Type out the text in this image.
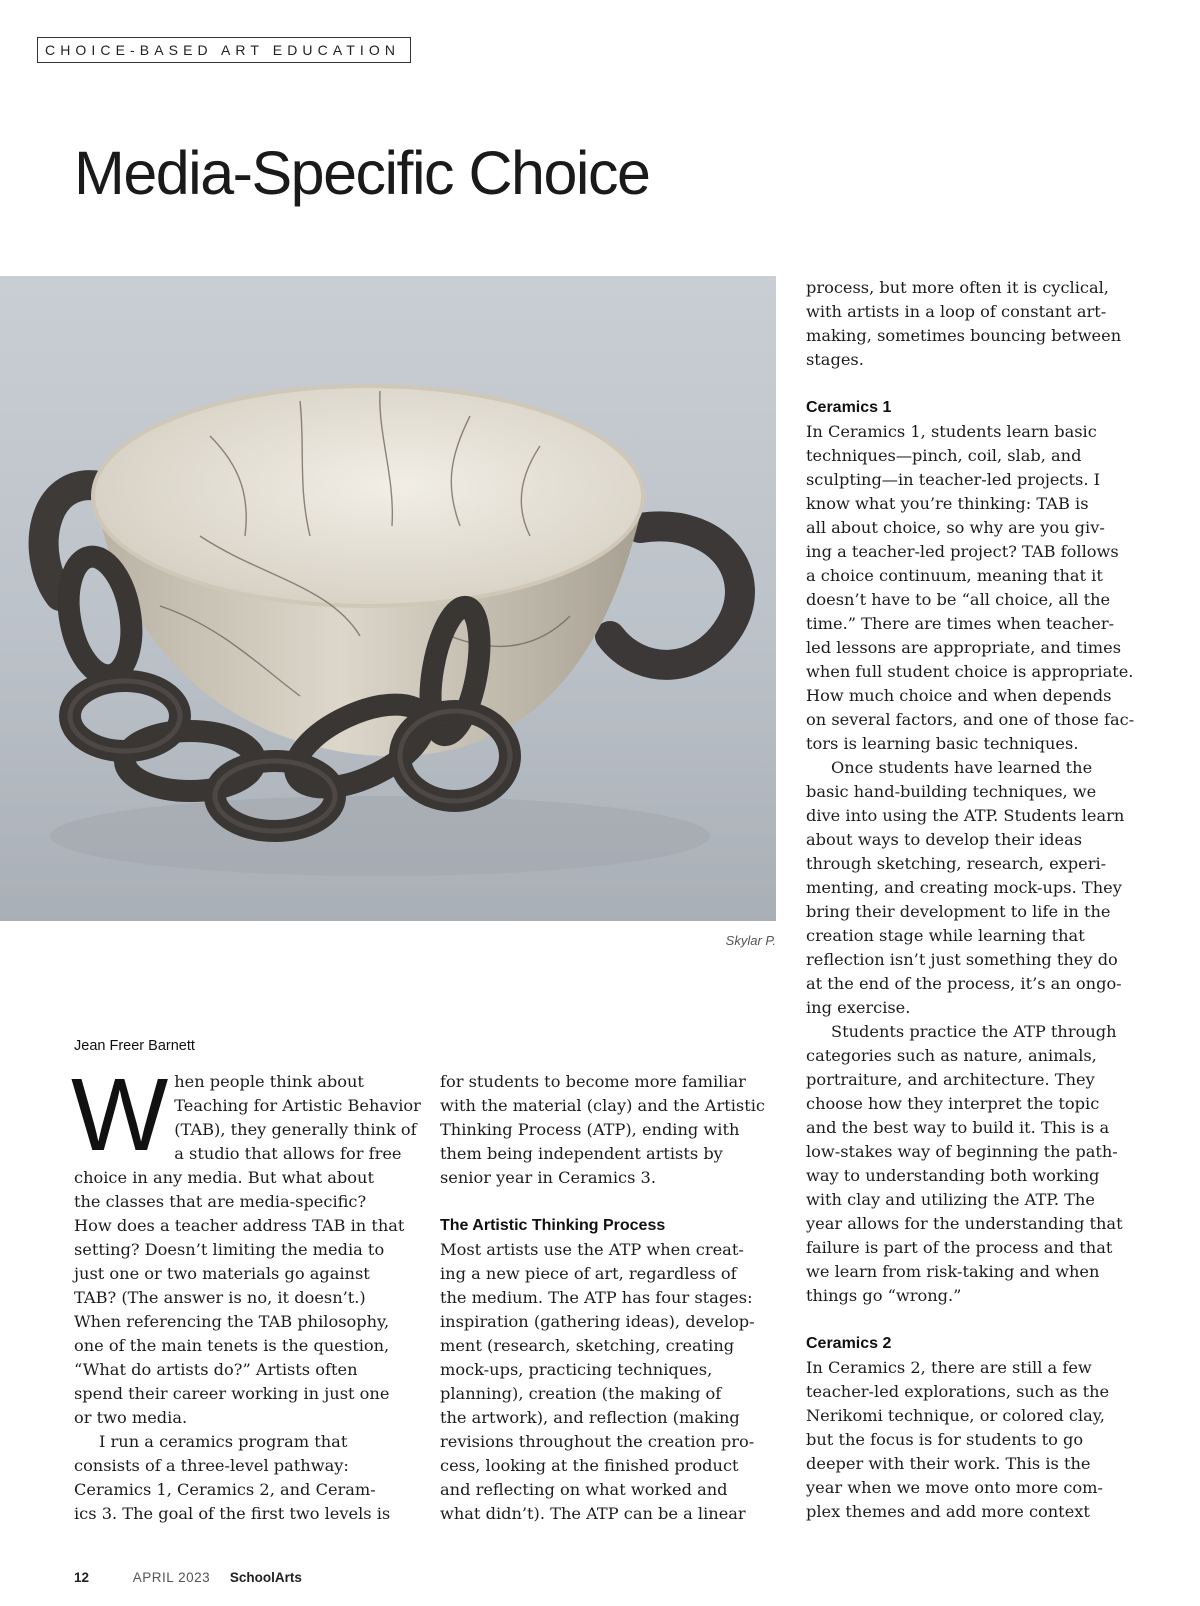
CHOICE-BASED ART EDUCATION
Media-Specific Choice
Skylar P.
Jean Freer Barnett

W hen people think about
Teaching for Artistic Behavior
(TAB), they generally think of
a studio that allows for free
choice in any media. But what about
the classes that are media-specific?
How does a teacher address TAB in that
setting? Doesn’t limiting the media to
just one or two materials go against
TAB? (The answer is no, it doesn’t.)
When referencing the TAB philosophy,
one of the main tenets is the question,
“What do artists do?” Artists often
spend their career working in just one
or two media.

I run a ceramics program that
consists of a three-level pathway:
Ceramics 1, Ceramics 2, and Ceram-
ics 3. The goal of the first two levels is

for students to become more familiar
with the material (clay) and the Artistic
Thinking Process (ATP), ending with
them being independent artists by
senior year in Ceramics 3.

The Artistic Thinking Process

Most artists use the ATP when creat-
ing a new piece of art, regardless of
the medium. The ATP has four stages:
inspiration (gathering ideas), develop-
ment (research, sketching, creating
mock-ups, practicing techniques,
planning), creation (the making of
the artwork), and reflection (making
revisions throughout the creation pro-
cess, looking at the finished product
and reflecting on what worked and
what didn’t). The ATP can be a linear

process, but more often it is cyclical,
with artists in a loop of constant art-
making, sometimes bouncing between
stages.

Ceramics 1

In Ceramics 1, students learn basic
techniques—pinch, coil, slab, and
sculpting—in teacher-led projects. I
know what you’re thinking: TAB is
all about choice, so why are you giv-
ing a teacher-led project? TAB follows
a choice continuum, meaning that it
doesn’t have to be “all choice, all the
time.” There are times when teacher-
led lessons are appropriate, and times
when full student choice is appropriate.
How much choice and when depends
on several factors, and one of those fac-
tors is learning basic techniques.

Once students have learned the
basic hand-building techniques, we
dive into using the ATP. Students learn
about ways to develop their ideas
through sketching, research, experi-
menting, and creating mock-ups. They
bring their development to life in the
creation stage while learning that
reflection isn’t just something they do
at the end of the process, it’s an ongo-
ing exercise.

Students practice the ATP through
categories such as nature, animals,
portraiture, and architecture. They
choose how they interpret the topic
and the best way to build it. This is a
low-stakes way of beginning the path-
way to understanding both working
with clay and utilizing the ATP. The
year allows for the understanding that
failure is part of the process and that
we learn from risk-taking and when
things go “wrong.”

Ceramics 2

In Ceramics 2, there are still a few
teacher-led explorations, such as the
Nerikomi technique, or colored clay,
but the focus is for students to go
deeper with their work. This is the
year when we move onto more com-
plex themes and add more context

12	APRIL 2023 SchoolArts
